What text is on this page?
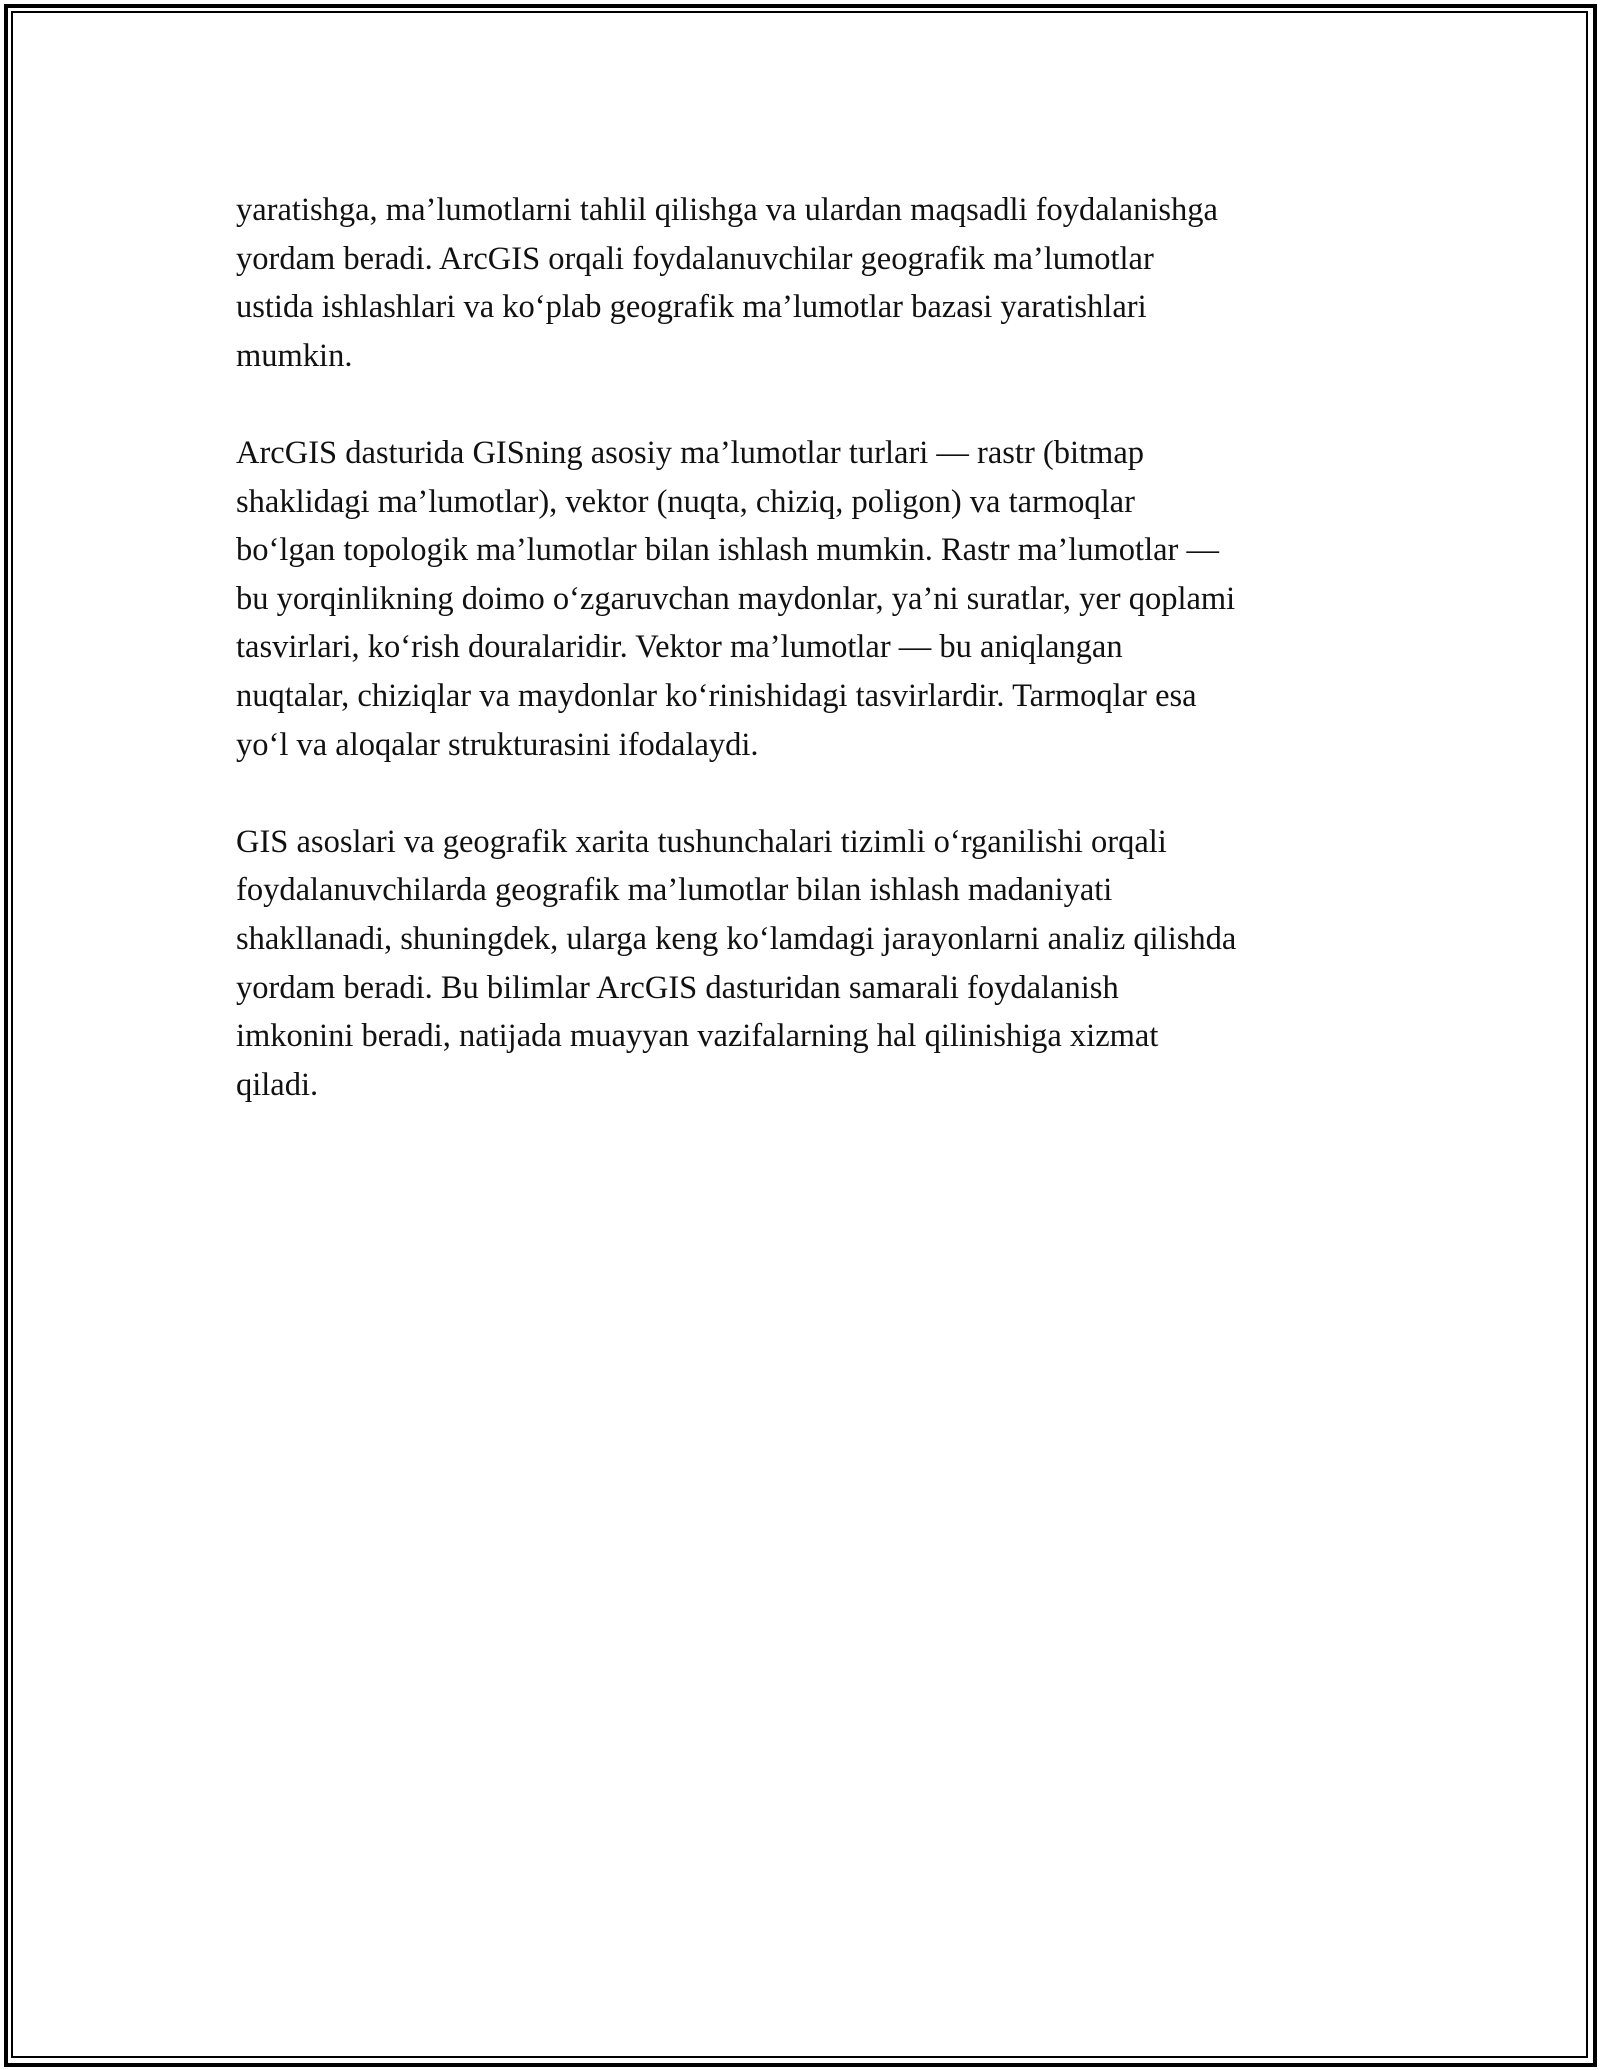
yaratishga, ma’lumotlarni tahlil qilishga va ulardan maqsadli foydalanishga
yordam beradi. ArcGIS orqali foydalanuvchilar geografik ma’lumotlar
ustida ishlashlari va ko‘plab geografik ma’lumotlar bazasi yaratishlari
mumkin.

ArcGIS dasturida GISning asosiy ma’lumotlar turlari — rastr (bitmap
shaklidagi ma’lumotlar), vektor (nuqta, chiziq, poligon) va tarmoqlar
bo‘lgan topologik ma’lumotlar bilan ishlash mumkin. Rastr ma’lumotlar —
bu yorqinlikning doimo o‘zgaruvchan maydonlar, ya’ni suratlar, yer qoplami
tasvirlari, ko‘rish douralaridir. Vektor ma’lumotlar — bu aniqlangan
nuqtalar, chiziqlar va maydonlar ko‘rinishidagi tasvirlardir. Tarmoqlar esa
yo‘l va aloqalar strukturasini ifodalaydi.

GIS asoslari va geografik xarita tushunchalari tizimli o‘rganilishi orqali
foydalanuvchilarda geografik ma’lumotlar bilan ishlash madaniyati
shakllanadi, shuningdek, ularga keng ko‘lamdagi jarayonlarni analiz qilishda
yordam beradi. Bu bilimlar ArcGIS dasturidan samarali foydalanish
imkonini beradi, natijada muayyan vazifalarning hal qilinishiga xizmat
qiladi.
